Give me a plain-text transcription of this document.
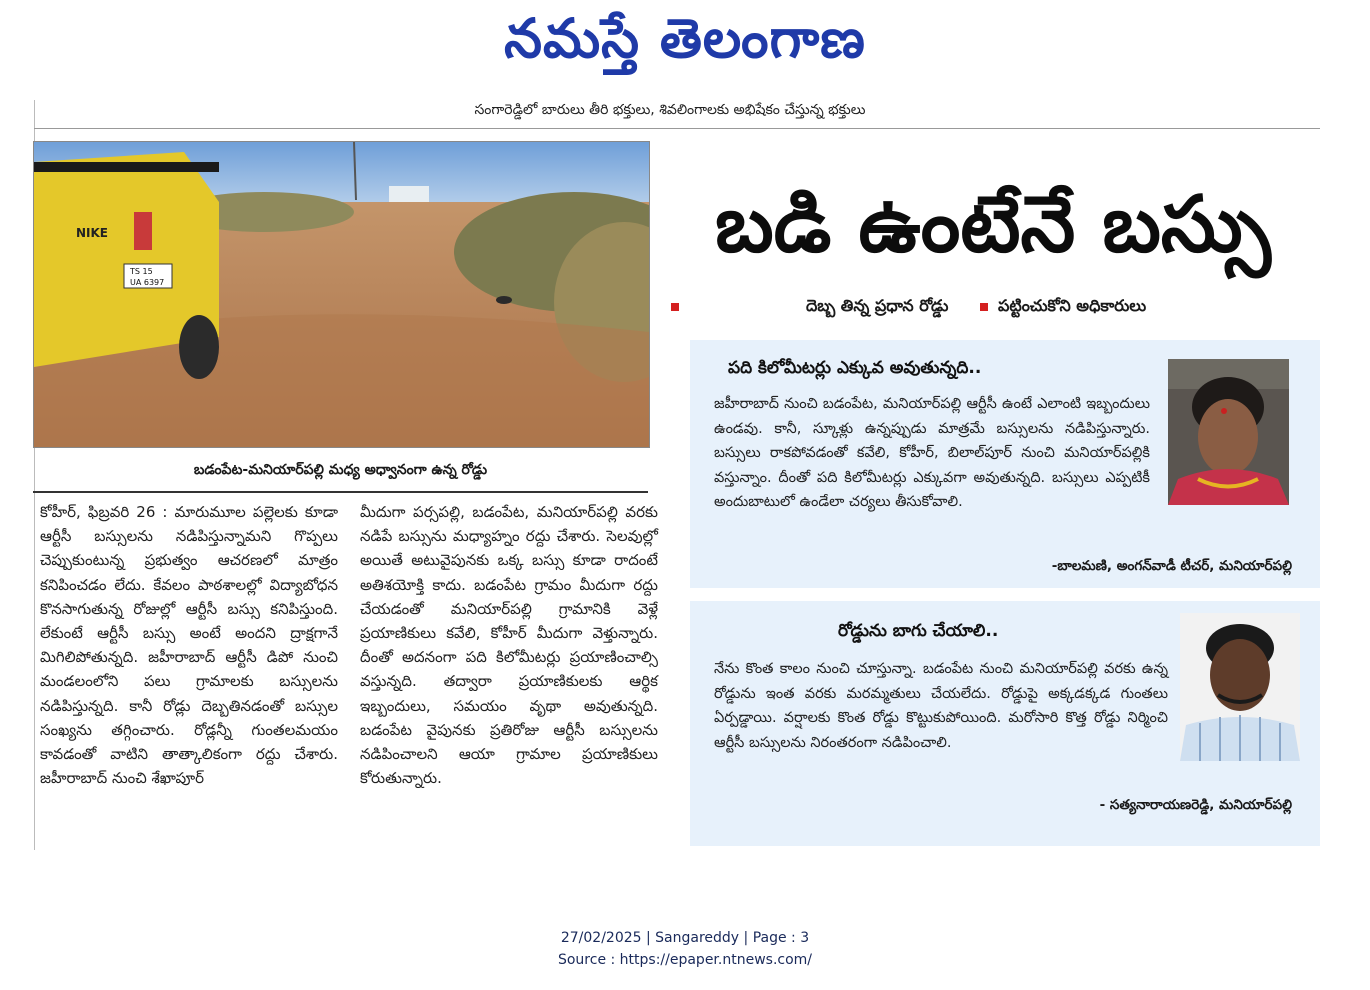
నమస్తే తెలంగాణ
సంగారెడ్డిలో బారులు తీరి భక్తులు, శివలింగాలకు అభిషేకం చేస్తున్న భక్తులు
NIKE
TS 15
UA 6397
బడంపేట-మనియార్‌పల్లి మధ్య అధ్వానంగా ఉన్న రోడ్డు

కోహీర్‌, ఫిబ్రవరి 26 : మారుమూల పల్లెలకు కూడా ఆర్టీసీ బస్సులను నడిపిస్తున్నామని గొప్పలు చెప్పుకుంటున్న ప్రభుత్వం ఆచరణలో మాత్రం కనిపించడం లేదు. కేవలం పాఠశాలల్లో విద్యాబోధన కొనసాగుతున్న రోజుల్లో ఆర్టీసీ బస్సు కనిపిస్తుంది. లేకుంటే ఆర్టీసీ బస్సు అంటే అందని ద్రాక్షగానే మిగిలిపోతున్నది. జహీరాబాద్‌ ఆర్టీసీ డిపో నుంచి మండలంలోని పలు గ్రామాలకు బస్సులను నడిపిస్తున్నది. కానీ రోడ్లు దెబ్బతినడంతో బస్సుల సంఖ్యను తగ్గించారు. రోడ్లన్నీ గుంతలమయం కావడంతో వాటిని తాత్కాలికంగా రద్దు చేశారు. జహీరాబాద్‌ నుంచి శేఖాపూర్‌

మీదుగా పర్సపల్లి, బడంపేట, మనియార్‌పల్లి వరకు నడిపే బస్సును మధ్యాహ్నం రద్దు చేశారు. సెలవుల్లో అయితే అటువైపునకు ఒక్క బస్సు కూడా రాదంటే అతిశయోక్తి కాదు. బడంపేట గ్రామం మీదుగా రద్దు చేయడంతో మనియార్‌పల్లి గ్రామానికి వెళ్లే ప్రయాణికులు కవేలి, కోహీర్‌ మీదుగా వెళ్తున్నారు. దీంతో అదనంగా పది కిలోమీటర్లు ప్రయాణించాల్సి వస్తున్నది. తద్వారా ప్రయాణికులకు ఆర్థిక ఇబ్బందులు, సమయం వృథా అవుతున్నది. బడంపేట వైపునకు ప్రతిరోజు ఆర్టీసీ బస్సులను నడిపించాలని ఆయా గ్రామాల ప్రయాణికులు కోరుతున్నారు.

బడి ఉంటేనే బస్సు
దెబ్బ తిన్న ప్రధాన రోడ్డు	పట్టించుకోని అధికారులు
పది కిలోమీటర్లు ఎక్కువ అవుతున్నది..

జహీరాబాద్‌ నుంచి బడంపేట, మనియార్‌పల్లి ఆర్టీసీ ఉంటే ఎలాంటి ఇబ్బందులు ఉండవు. కానీ, స్కూళ్లు ఉన్నప్పుడు మాత్రమే బస్సులను నడిపిస్తున్నారు. బస్సులు రాకపోవడంతో కవేలి, కోహీర్‌, బిలాల్‌పూర్‌ నుంచి మనియార్‌పల్లికి వస్తున్నాం. దీంతో పది కిలోమీటర్లు ఎక్కువగా అవుతున్నది. బస్సులు ఎప్పటికీ అందుబాటులో ఉండేలా చర్యలు తీసుకోవాలి.

-బాలమణి, అంగన్‌వాడీ టీచర్‌, మనియార్‌పల్లి
రోడ్డును బాగు చేయాలి..

నేను కొంత కాలం నుంచి చూస్తున్నా. బడంపేట నుంచి మనియార్‌పల్లి వరకు ఉన్న రోడ్డును ఇంత వరకు మరమ్మతులు చేయలేదు. రోడ్డుపై అక్కడక్కడ గుంతలు ఏర్పడ్డాయి. వర్షాలకు కొంత రోడ్డు కొట్టుకుపోయింది. మరోసారి కొత్త రోడ్డు నిర్మించి ఆర్టీసీ బస్సులను నిరంతరంగా నడిపించాలి.

- సత్యనారాయణరెడ్డి, మనియార్‌పల్లి
27/02/2025 | Sangareddy | Page : 3
Source : https://epaper.ntnews.com/
